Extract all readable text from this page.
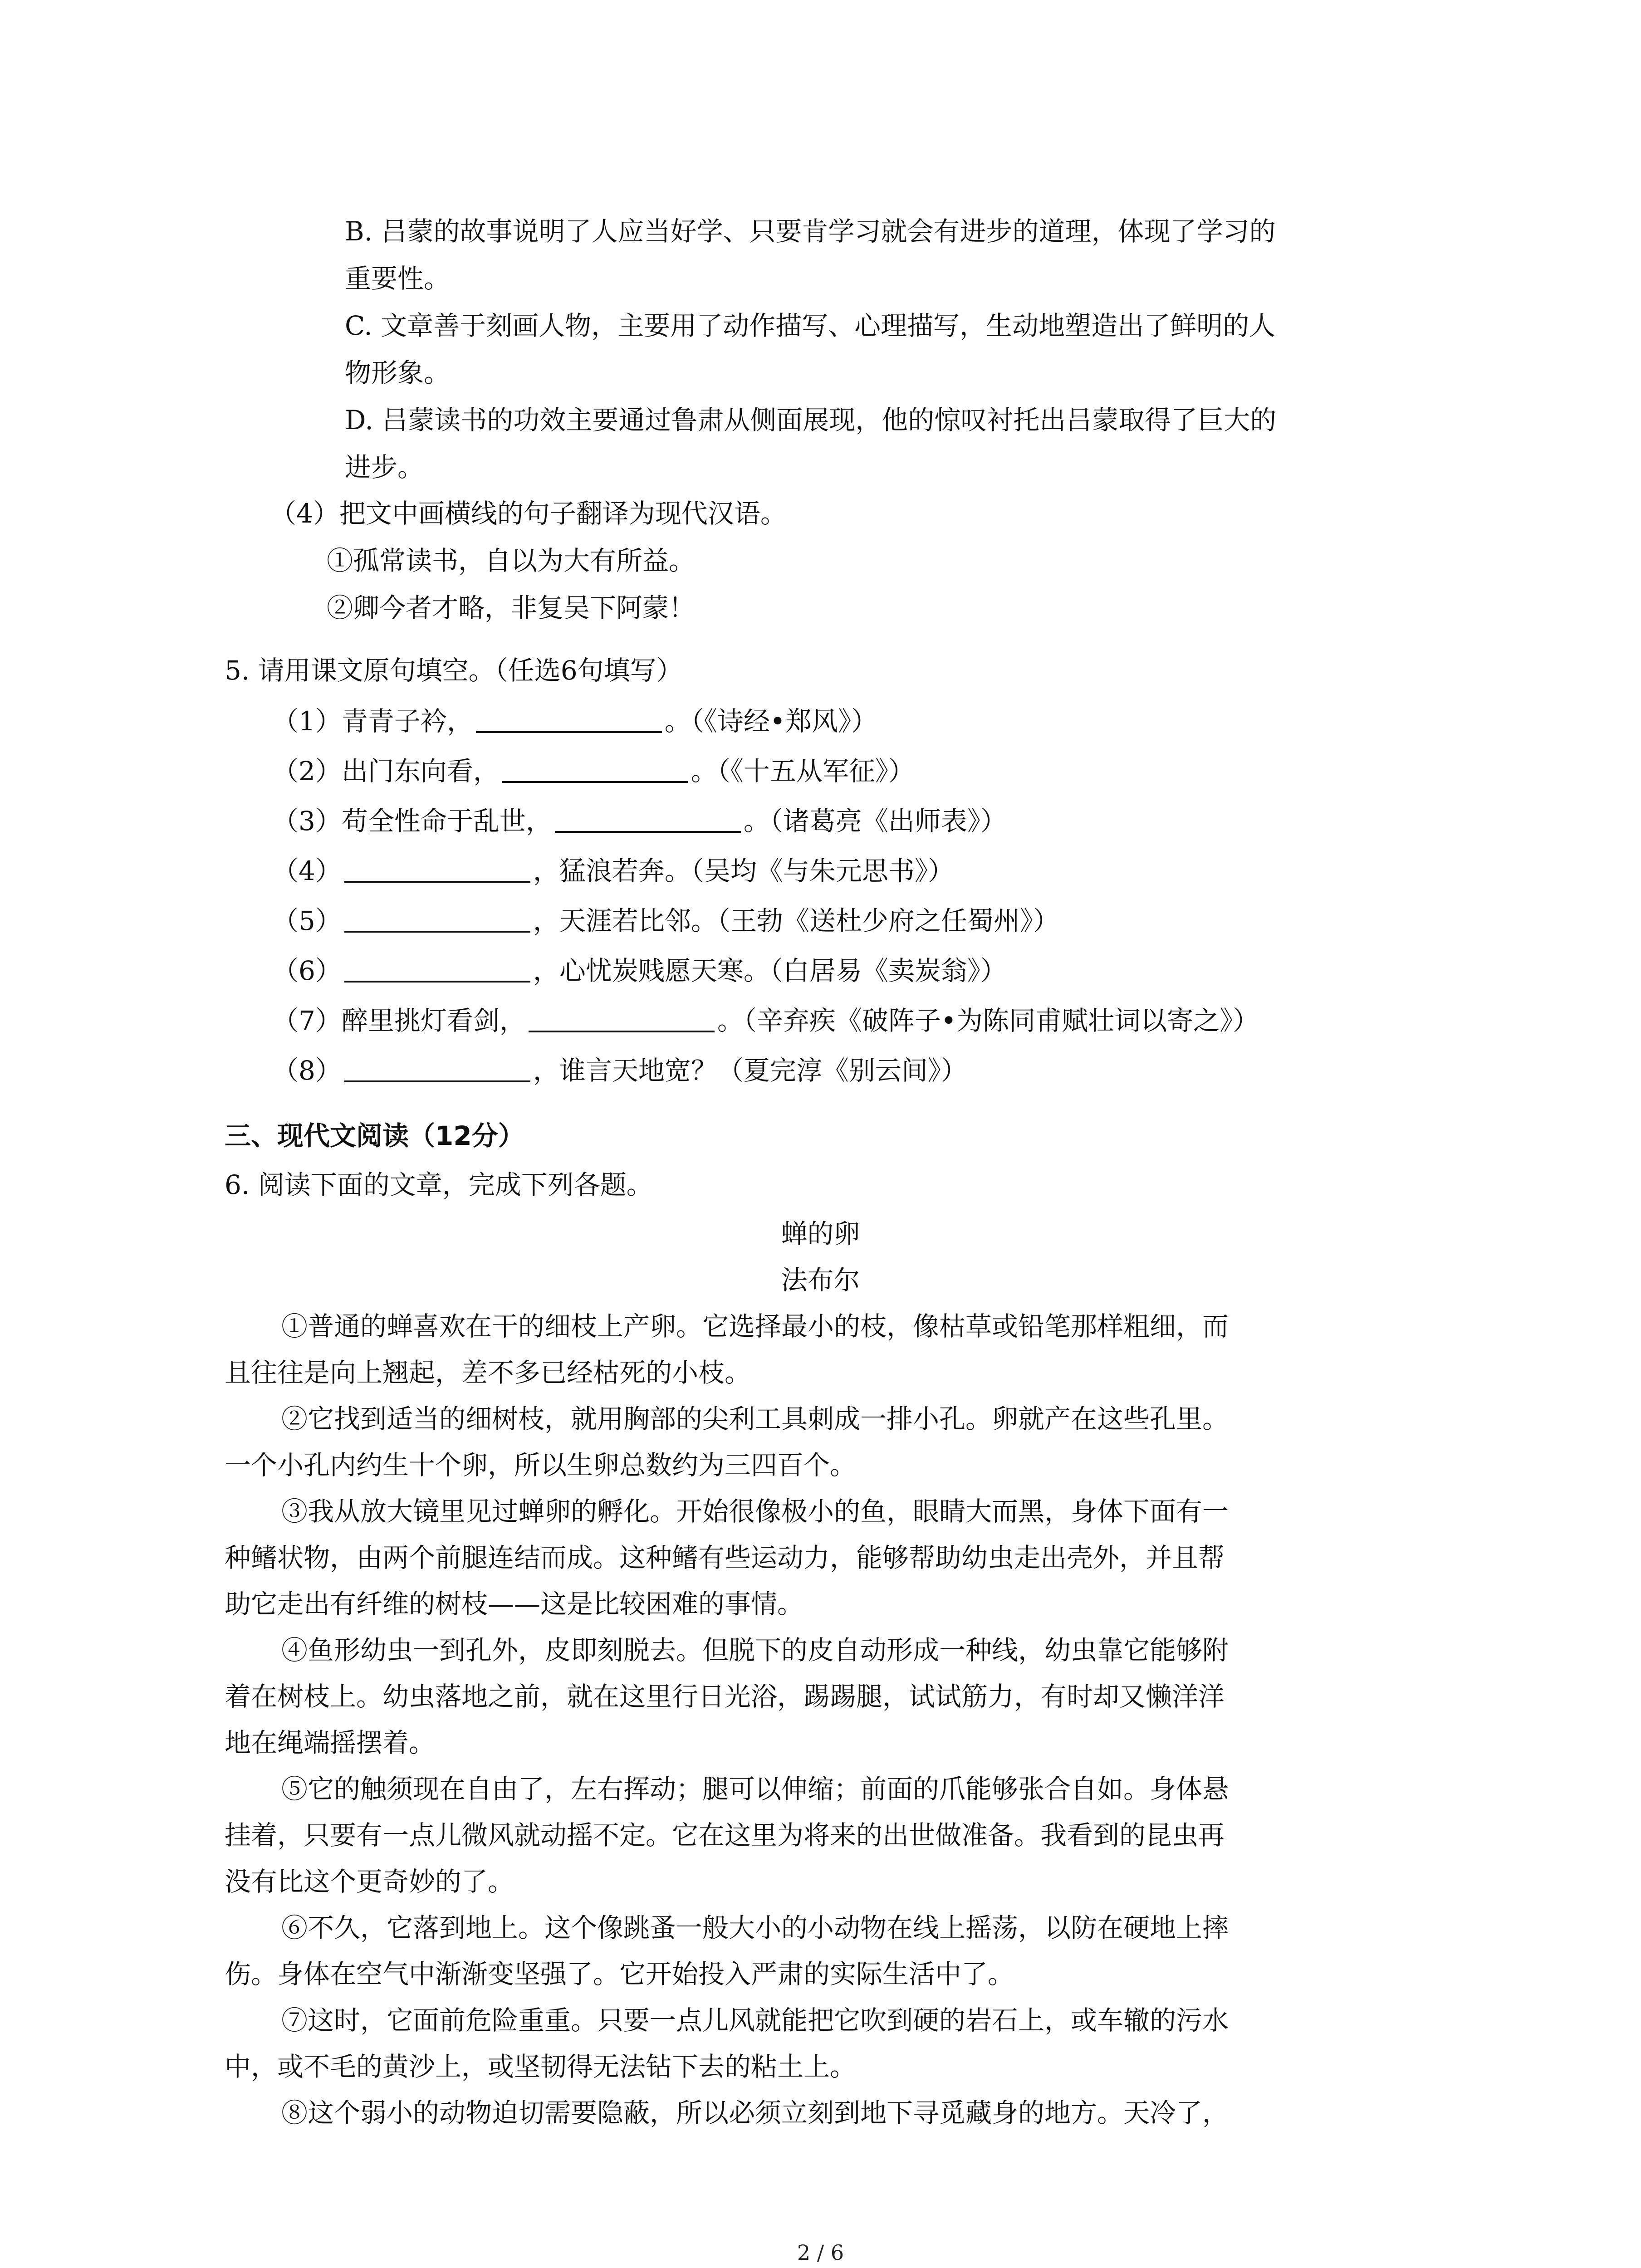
B. 吕蒙的故事说明了人应当好学、只要肯学习就会有进步的道理，体现了学习的
重要性。
C. 文章善于刻画人物，主要用了动作描写、心理描写，生动地塑造出了鲜明的人
物形象。
D. 吕蒙读书的功效主要通过鲁肃从侧面展现，他的惊叹衬托出吕蒙取得了巨大的
进步。
（4）把文中画横线的句子翻译为现代汉语。
①孤常读书，自以为大有所益。
②卿今者才略，非复吴下阿蒙！
5. 请用课文原句填空。（任选6句填写）
（1）青青子衿，	。（《诗经•郑风》）
（2）出门东向看，	。（《十五从军征》）
（3）苟全性命于乱世，	。（诸葛亮《出师表》）
（4）	，猛浪若奔。（吴均《与朱元思书》）
（5）	，天涯若比邻。（王勃《送杜少府之任蜀州》）
（6）	，心忧炭贱愿天寒。（白居易《卖炭翁》）
（7）醉里挑灯看剑，	。（辛弃疾《破阵子•为陈同甫赋壮词以寄之》）
（8）	，谁言天地宽？（夏完淳《别云间》）
三、现代文阅读（12分）
6. 阅读下面的文章，完成下列各题。
蝉的卵
法布尔
①普通的蝉喜欢在干的细枝上产卵。它选择最小的枝，像枯草或铅笔那样粗细，而
且往往是向上翘起，差不多已经枯死的小枝。
②它找到适当的细树枝，就用胸部的尖利工具刺成一排小孔。卵就产在这些孔里。
一个小孔内约生十个卵，所以生卵总数约为三四百个。
③我从放大镜里见过蝉卵的孵化。开始很像极小的鱼，眼睛大而黑，身体下面有一
种鳍状物，由两个前腿连结而成。这种鳍有些运动力，能够帮助幼虫走出壳外，并且帮
助它走出有纤维的树枝——这是比较困难的事情。
④鱼形幼虫一到孔外，皮即刻脱去。但脱下的皮自动形成一种线，幼虫靠它能够附
着在树枝上。幼虫落地之前，就在这里行日光浴，踢踢腿，试试筋力，有时却又懒洋洋
地在绳端摇摆着。
⑤它的触须现在自由了，左右挥动；腿可以伸缩；前面的爪能够张合自如。身体悬
挂着，只要有一点儿微风就动摇不定。它在这里为将来的出世做准备。我看到的昆虫再
没有比这个更奇妙的了。
⑥不久，它落到地上。这个像跳蚤一般大小的小动物在线上摇荡，以防在硬地上摔
伤。身体在空气中渐渐变坚强了。它开始投入严肃的实际生活中了。
⑦这时，它面前危险重重。只要一点儿风就能把它吹到硬的岩石上，或车辙的污水
中，或不毛的黄沙上，或坚韧得无法钻下去的粘土上。
⑧这个弱小的动物迫切需要隐蔽，所以必须立刻到地下寻觅藏身的地方。天冷了，
2 / 6
